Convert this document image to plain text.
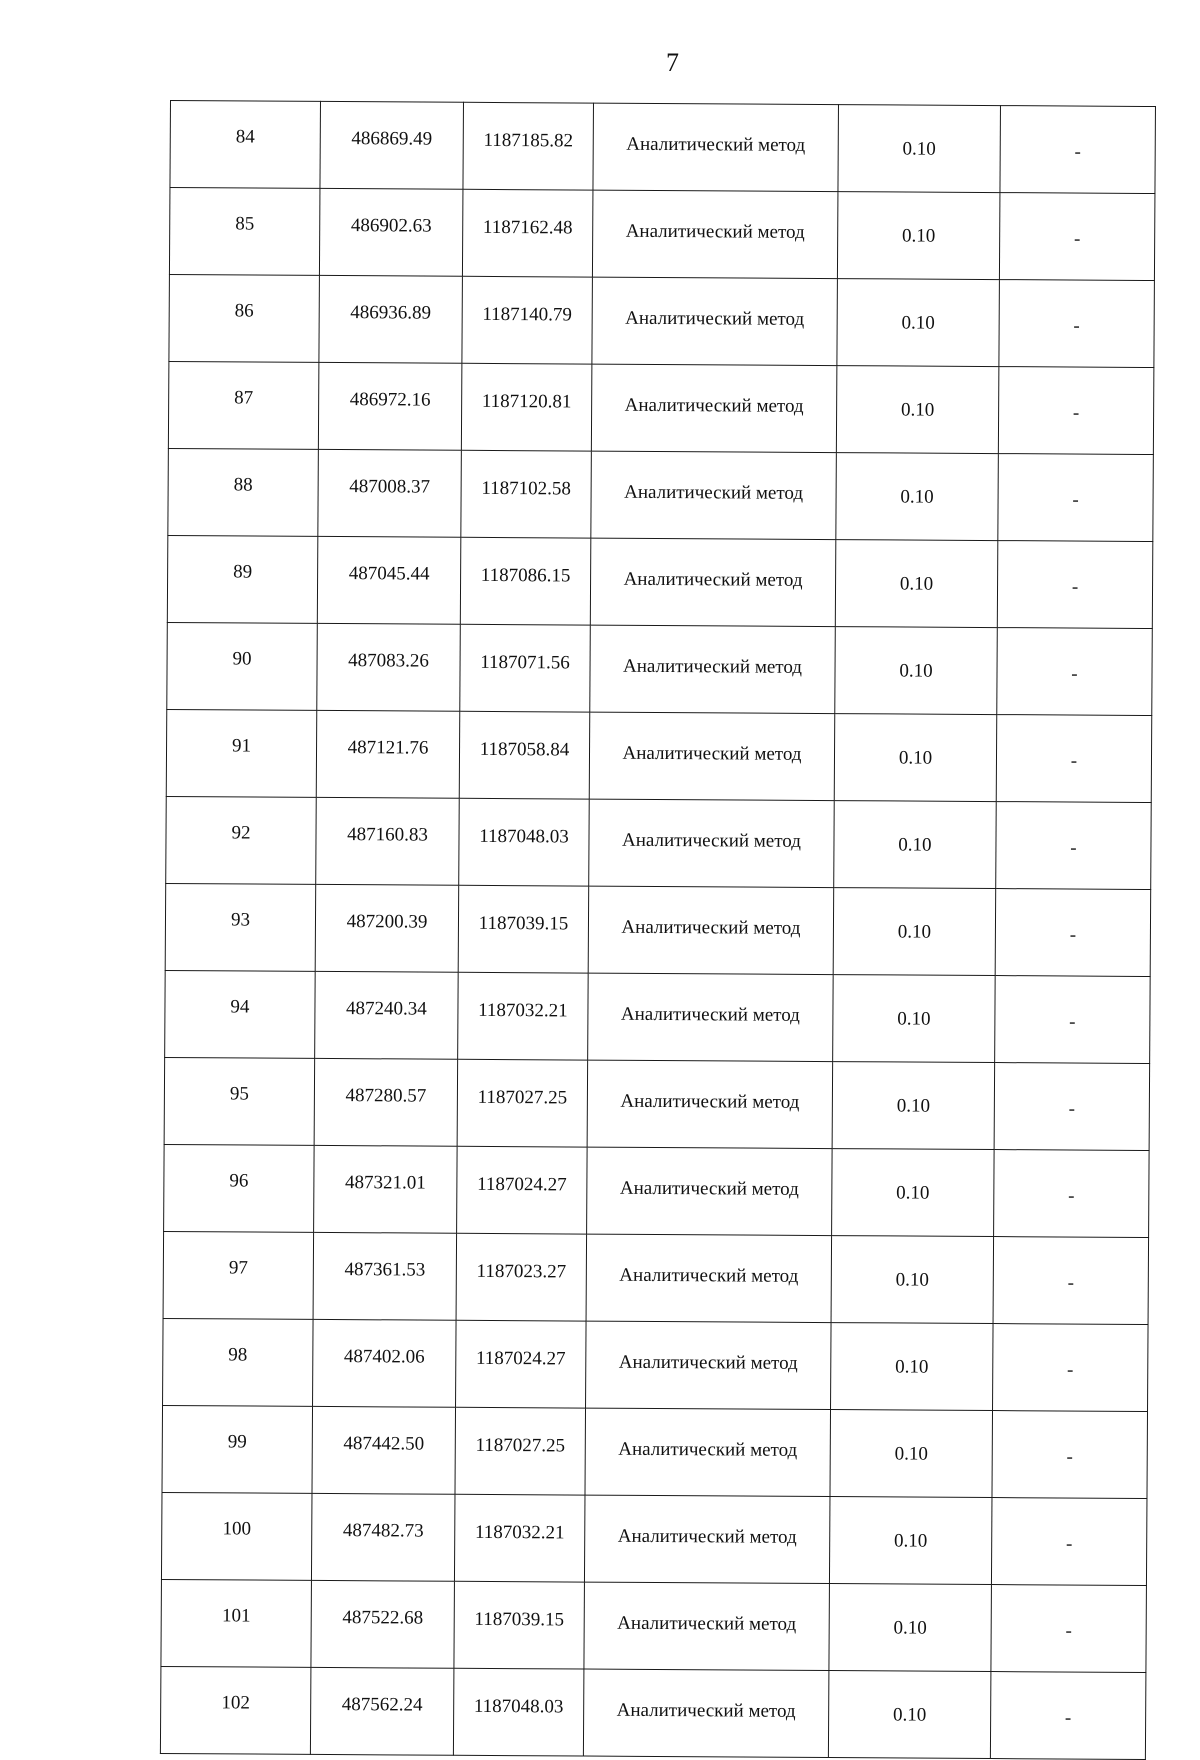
7
84	486869.49	1187185.82	Аналитический метод	0.10	-
85	486902.63	1187162.48	Аналитический метод	0.10	-
86	486936.89	1187140.79	Аналитический метод	0.10	-
87	486972.16	1187120.81	Аналитический метод	0.10	-
88	487008.37	1187102.58	Аналитический метод	0.10	-
89	487045.44	1187086.15	Аналитический метод	0.10	-
90	487083.26	1187071.56	Аналитический метод	0.10	-
91	487121.76	1187058.84	Аналитический метод	0.10	-
92	487160.83	1187048.03	Аналитический метод	0.10	-
93	487200.39	1187039.15	Аналитический метод	0.10	-
94	487240.34	1187032.21	Аналитический метод	0.10	-
95	487280.57	1187027.25	Аналитический метод	0.10	-
96	487321.01	1187024.27	Аналитический метод	0.10	-
97	487361.53	1187023.27	Аналитический метод	0.10	-
98	487402.06	1187024.27	Аналитический метод	0.10	-
99	487442.50	1187027.25	Аналитический метод	0.10	-
100	487482.73	1187032.21	Аналитический метод	0.10	-
101	487522.68	1187039.15	Аналитический метод	0.10	-
102	487562.24	1187048.03	Аналитический метод	0.10	-
